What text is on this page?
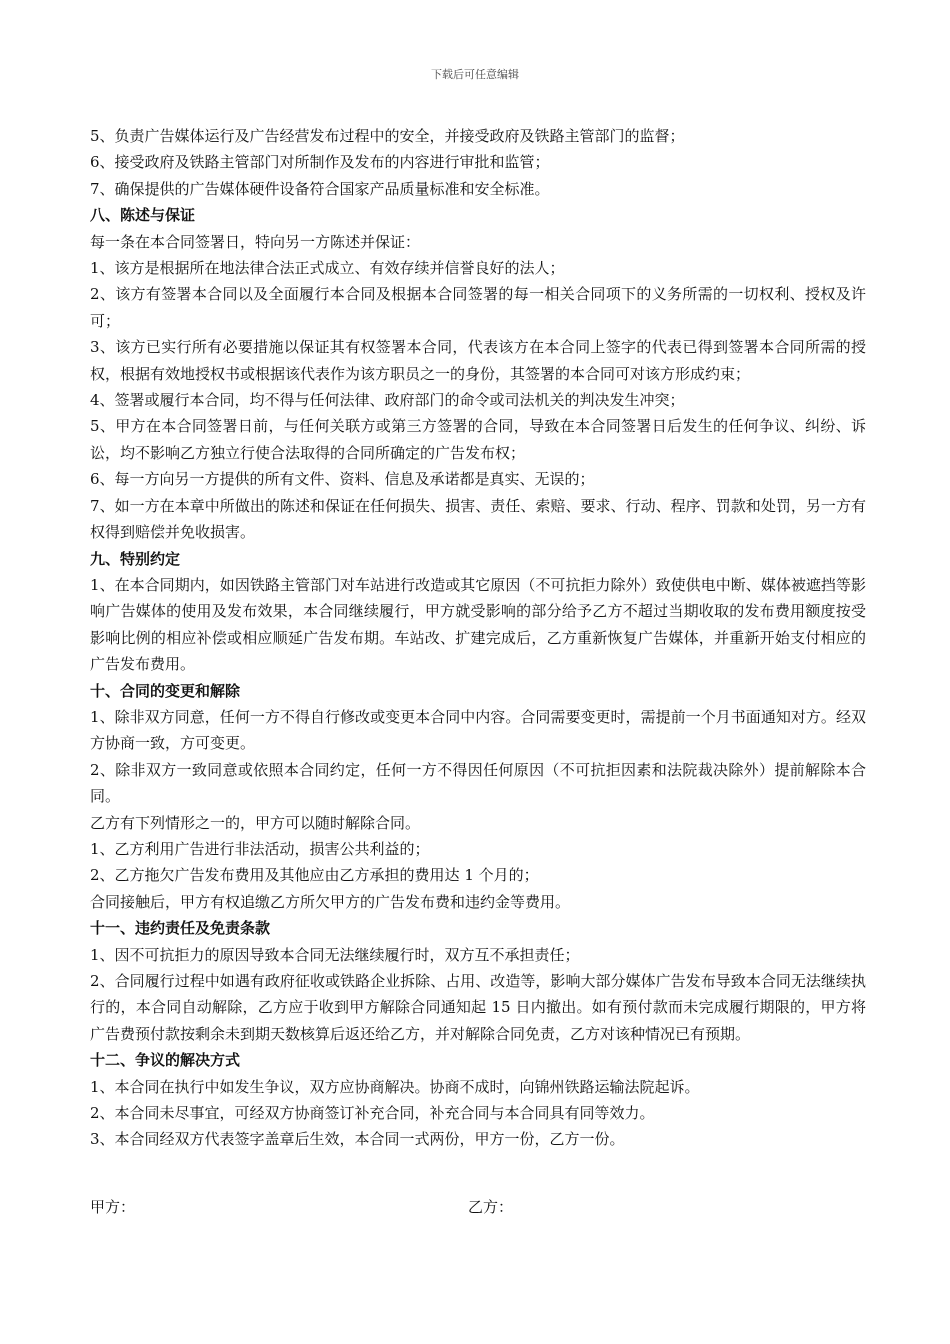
下载后可任意编辑

5、负责广告媒体运行及广告经营发布过程中的安全，并接受政府及铁路主管部门的监督；

6、接受政府及铁路主管部门对所制作及发布的内容进行审批和监管；

7、确保提供的广告媒体硬件设备符合国家产品质量标准和安全标准。

八、陈述与保证

每一条在本合同签署日，特向另一方陈述并保证：

1、该方是根据所在地法律合法正式成立、有效存续并信誉良好的法人；

2、该方有签署本合同以及全面履行本合同及根据本合同签署的每一相关合同项下的义务所需的一切权利、授权及许可；

3、该方已实行所有必要措施以保证其有权签署本合同，代表该方在本合同上签字的代表已得到签署本合同所需的授权，根据有效地授权书或根据该代表作为该方职员之一的身份，其签署的本合同可对该方形成约束；

4、签署或履行本合同，均不得与任何法律、政府部门的命令或司法机关的判决发生冲突；

5、甲方在本合同签署日前，与任何关联方或第三方签署的合同，导致在本合同签署日后发生的任何争议、纠纷、诉讼，均不影响乙方独立行使合法取得的合同所确定的广告发布权；

6、每一方向另一方提供的所有文件、资料、信息及承诺都是真实、无误的；

7、如一方在本章中所做出的陈述和保证在任何损失、损害、责任、索赔、要求、行动、程序、罚款和处罚，另一方有权得到赔偿并免收损害。

九、特别约定

1、在本合同期内，如因铁路主管部门对车站进行改造或其它原因（不可抗拒力除外）致使供电中断、媒体被遮挡等影响广告媒体的使用及发布效果，本合同继续履行，甲方就受影响的部分给予乙方不超过当期收取的发布费用额度按受影响比例的相应补偿或相应顺延广告发布期。车站改、扩建完成后，乙方重新恢复广告媒体，并重新开始支付相应的广告发布费用。

十、合同的变更和解除

1、除非双方同意，任何一方不得自行修改或变更本合同中内容。合同需要变更时，需提前一个月书面通知对方。经双方协商一致，方可变更。

2、除非双方一致同意或依照本合同约定，任何一方不得因任何原因（不可抗拒因素和法院裁决除外）提前解除本合同。

乙方有下列情形之一的，甲方可以随时解除合同。

1、乙方利用广告进行非法活动，损害公共利益的；

2、乙方拖欠广告发布费用及其他应由乙方承担的费用达 1 个月的；

合同接触后，甲方有权追缴乙方所欠甲方的广告发布费和违约金等费用。

十一、违约责任及免责条款

1、因不可抗拒力的原因导致本合同无法继续履行时，双方互不承担责任；

2、合同履行过程中如遇有政府征收或铁路企业拆除、占用、改造等，影响大部分媒体广告发布导致本合同无法继续执行的，本合同自动解除，乙方应于收到甲方解除合同通知起 15 日内撤出。如有预付款而未完成履行期限的，甲方将广告费预付款按剩余未到期天数核算后返还给乙方，并对解除合同免责，乙方对该种情况已有预期。

十二、争议的解决方式

1、本合同在执行中如发生争议，双方应协商解决。协商不成时，向锦州铁路运输法院起诉。

2、本合同未尽事宜，可经双方协商签订补充合同，补充合同与本合同具有同等效力。

3、本合同经双方代表签字盖章后生效，本合同一式两份，甲方一份，乙方一份。

甲方：	乙方：
